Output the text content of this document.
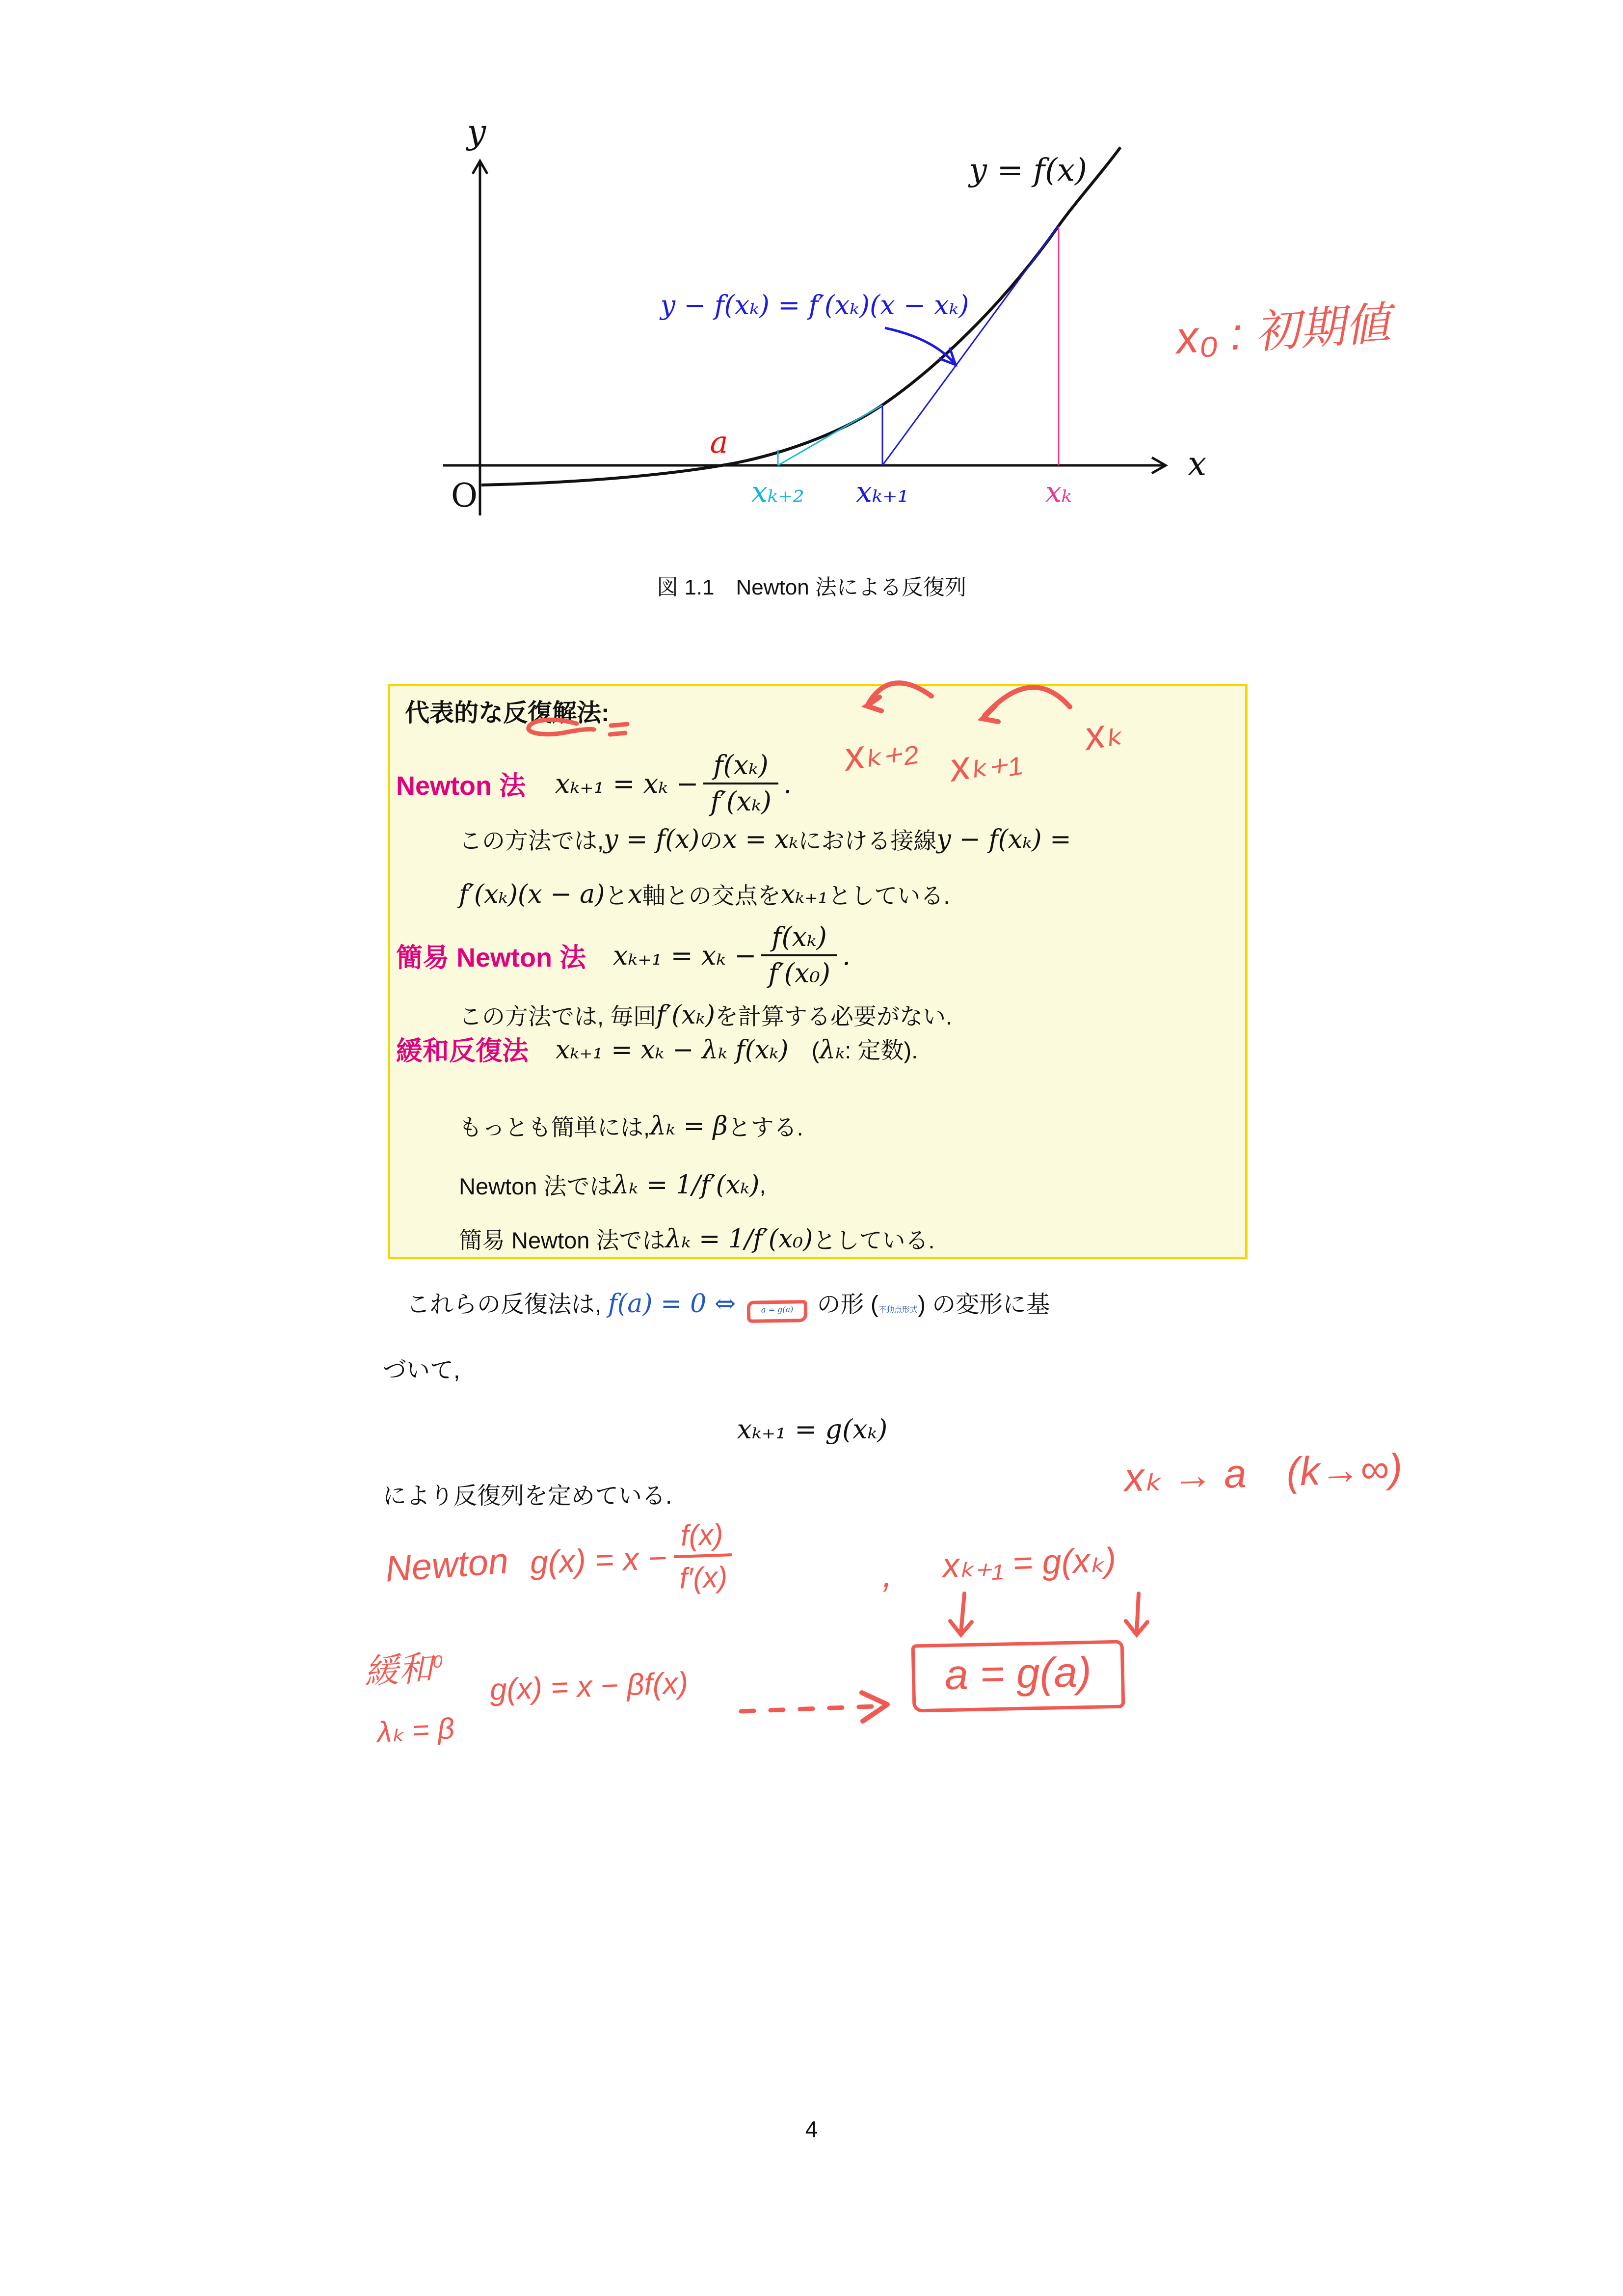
y
x
O
y = f(x)
y − f(xₖ) = f′(xₖ)(x − xₖ)
a
xₖ₊₂ xₖ₊₁	xₖ
x₀ : 初期値
図 1.1　Newton 法による反復列
代表的な反復解法:
Newton 法 $x_{k+1} = x_k - \frac{\text{f(xₖ)}}{\text{f′(xₖ)}}$ .
この方法では, y = f(x) の x = xₖ における接線 y − f(xₖ) =
f′(xₖ)(x − a) と x 軸との交点を xₖ₊₁ としている.
簡易 Newton 法 $x_{k+1} = x_k - \frac{\text{f(xₖ)}}{\text{f′(x₀)}}$ .
この方法では, 毎回 f′(xₖ) を計算する必要がない.
緩和反復法 xₖ₊₁ = xₖ − λₖ f(xₖ)　(λₖ: 定数).
もっとも簡単には, λₖ = β とする.
Newton 法では λₖ = 1/f′(xₖ) ,
簡易 Newton 法では λₖ = 1/f′(x₀) としている.
xₖ₊₂ xₖ₊₁
xₖ
　これらの反復法は, f(a) = 0 ⇔ a = g(a) の形 (不動点形式) の変形に基
づいて,
xₖ₊₁ = g(xₖ)
により反復列を定めている.	xₖ → a　(k→∞)
Newton $g(x) = x - \frac{f(x)}{f'(x)}$	, xₖ₊₁ = g(xₖ)
a = g(a)
緩和$^0$
λₖ = β
g(x) = x − βf(x)
4
